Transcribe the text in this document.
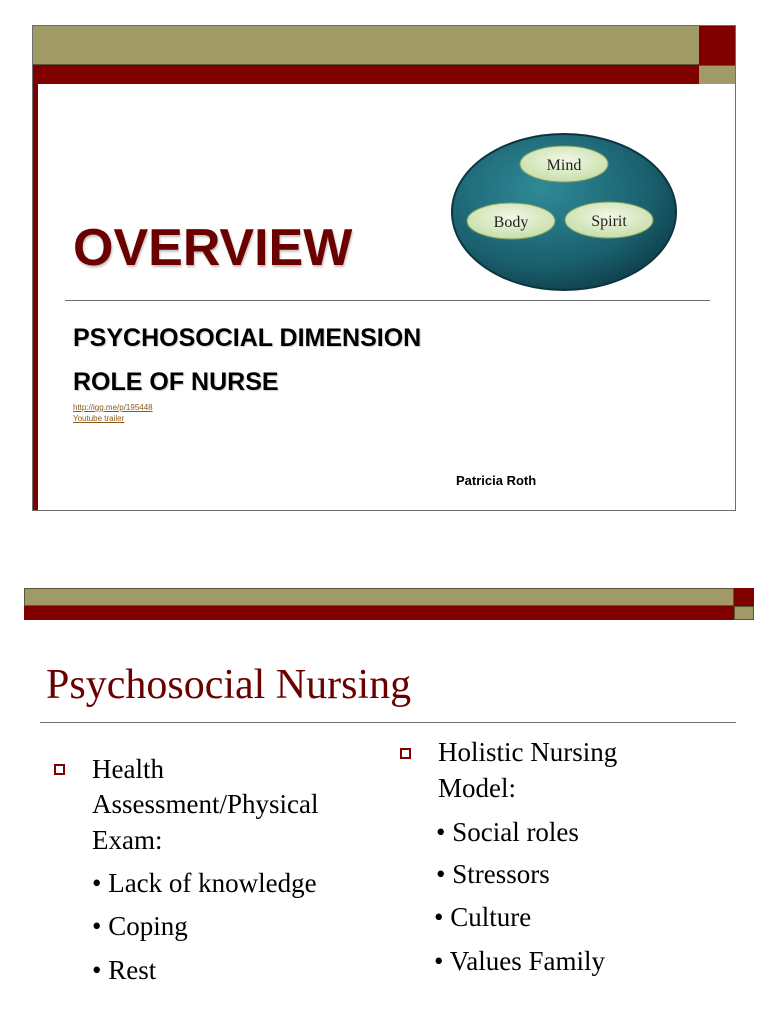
Mind
Body	Spirit
OVERVIEW
PSYCHOSOCIAL DIMENSION
ROLE OF NURSE
http://igg.me/p/195448
Youtube trailer
Patricia Roth
Psychosocial Nursing
Health
Assessment/Physical
Exam:
• Lack of knowledge
• Coping
• Rest
Holistic Nursing
Model:
• Social roles
• Stressors
• Culture
• Values Family
